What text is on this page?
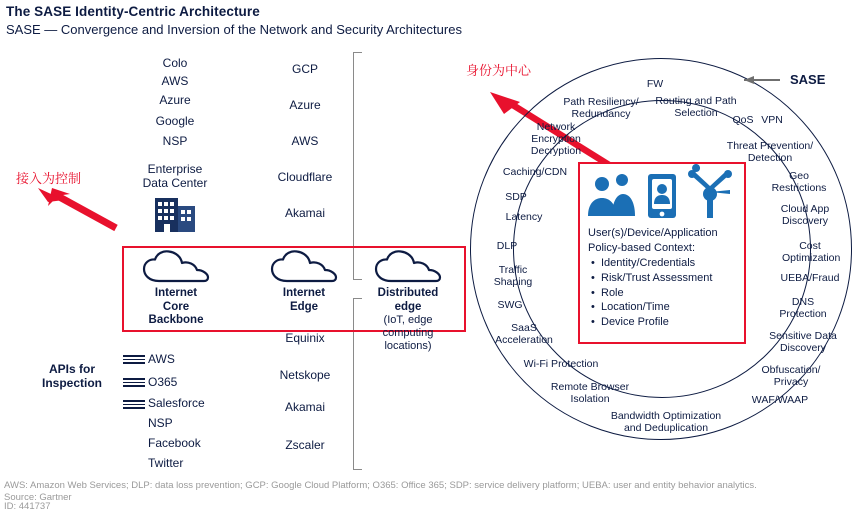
The SASE Identity-Centric Architecture
SASE — Convergence and Inversion of the Network and Security Architectures
Colo
AWS
Azure
Google
NSP
Enterprise
Data Center
GCP
Azure
AWS
Cloudflare
Akamai
Equinix
Netskope
Akamai
Zscaler
APIs for
Inspection
AWS
O365
Salesforce
NSP
Facebook
Twitter
Internet
Core
Backbone
Internet
Edge
Distributed
edge
(IoT, edge computing locations)
接入为控制
身份为中心
SASE
FW
Routing and Path
Selection
QoS VPN
Path Resiliency/
Redundancy
Network
Encryption
Decryption	Threat Prevention/
Detection
Caching/CDN	Geo
Restrictions
SDP
Cloud App
Discovery
Latency
Cost
Optimization
DLP
UEBA/Fraud
Traffic
Shaping
DNS
Protection
SWG
Sensitive Data
Discovery
SaaS
Acceleration
Obfuscation/
Privacy
Wi-Fi Protection
WAF/WAAP
Remote Browser
Isolation
Bandwidth Optimization
and Deduplication
User(s)/Device/Application
Policy-based Context:
• Identity/Credentials
• Risk/Trust Assessment
• Role
• Location/Time
• Device Profile
AWS: Amazon Web Services; DLP: data loss prevention; GCP: Google Cloud Platform; O365: Office 365; SDP: service delivery platform; UEBA: user and entity behavior analytics.
Source: Gartner
ID: 441737
